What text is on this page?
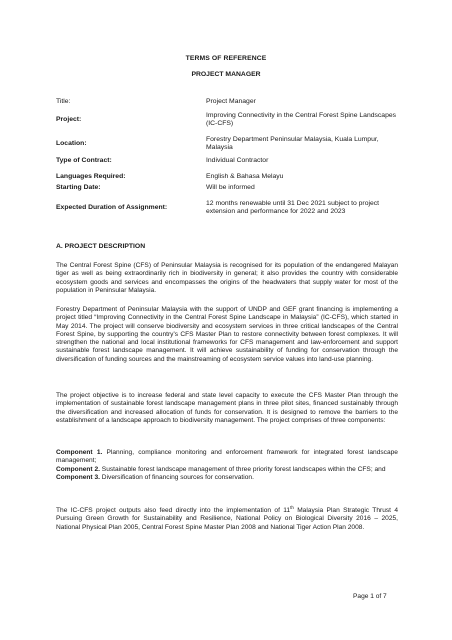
TERMS OF REFERENCE
PROJECT MANAGER
Title:	Project Manager
Project:
Improving Connectivity in the Central Forest Spine Landscapes (IC-CFS)
Location:
Forestry Department Peninsular Malaysia, Kuala Lumpur, Malaysia
Type of Contract:	Individual Contractor
Languages Required:	English & Bahasa Melayu
Starting Date:	Will be informed
Expected Duration of Assignment:
12 months renewable until 31 Dec 2021 subject to project extension and performance for 2022 and 2023
A. PROJECT DESCRIPTION
The Central Forest Spine (CFS) of Peninsular Malaysia is recognised for its population of the endangered Malayan tiger as well as being extraordinarily rich in biodiversity in general; it also provides the country with considerable ecosystem goods and services and encompasses the origins of the headwaters that supply water for most of the population in Peninsular Malaysia.
Forestry Department of Peninsular Malaysia with the support of UNDP and GEF grant financing is implementing a project titled “Improving Connectivity in the Central Forest Spine Landscape in Malaysia” (IC-CFS), which started in May 2014. The project will conserve biodiversity and ecosystem services in three critical landscapes of the Central Forest Spine, by supporting the country’s CFS Master Plan to restore connectivity between forest complexes. It will strengthen the national and local institutional frameworks for CFS management and law-enforcement and support sustainable forest landscape management. It will achieve sustainability of funding for conservation through the diversification of funding sources and the mainstreaming of ecosystem service values into land-use planning.
The project objective is to increase federal and state level capacity to execute the CFS Master Plan through the implementation of sustainable forest landscape management plans in three pilot sites, financed sustainably through the diversification and increased allocation of funds for conservation. It is designed to remove the barriers to the establishment of a landscape approach to biodiversity management. The project comprises of three components:
Component 1. Planning, compliance monitoring and enforcement framework for integrated forest landscape management;
Component 2. Sustainable forest landscape management of three priority forest landscapes within the CFS; and
Component 3. Diversification of financing sources for conservation.
The IC-CFS project outputs also feed directly into the implementation of 11th Malaysia Plan Strategic Thrust 4 Pursuing Green Growth for Sustainability and Resilience, National Policy on Biological Diversity 2016 – 2025, National Physical Plan 2005, Central Forest Spine Master Plan 2008 and National Tiger Action Plan 2008.
Page 1 of 7
